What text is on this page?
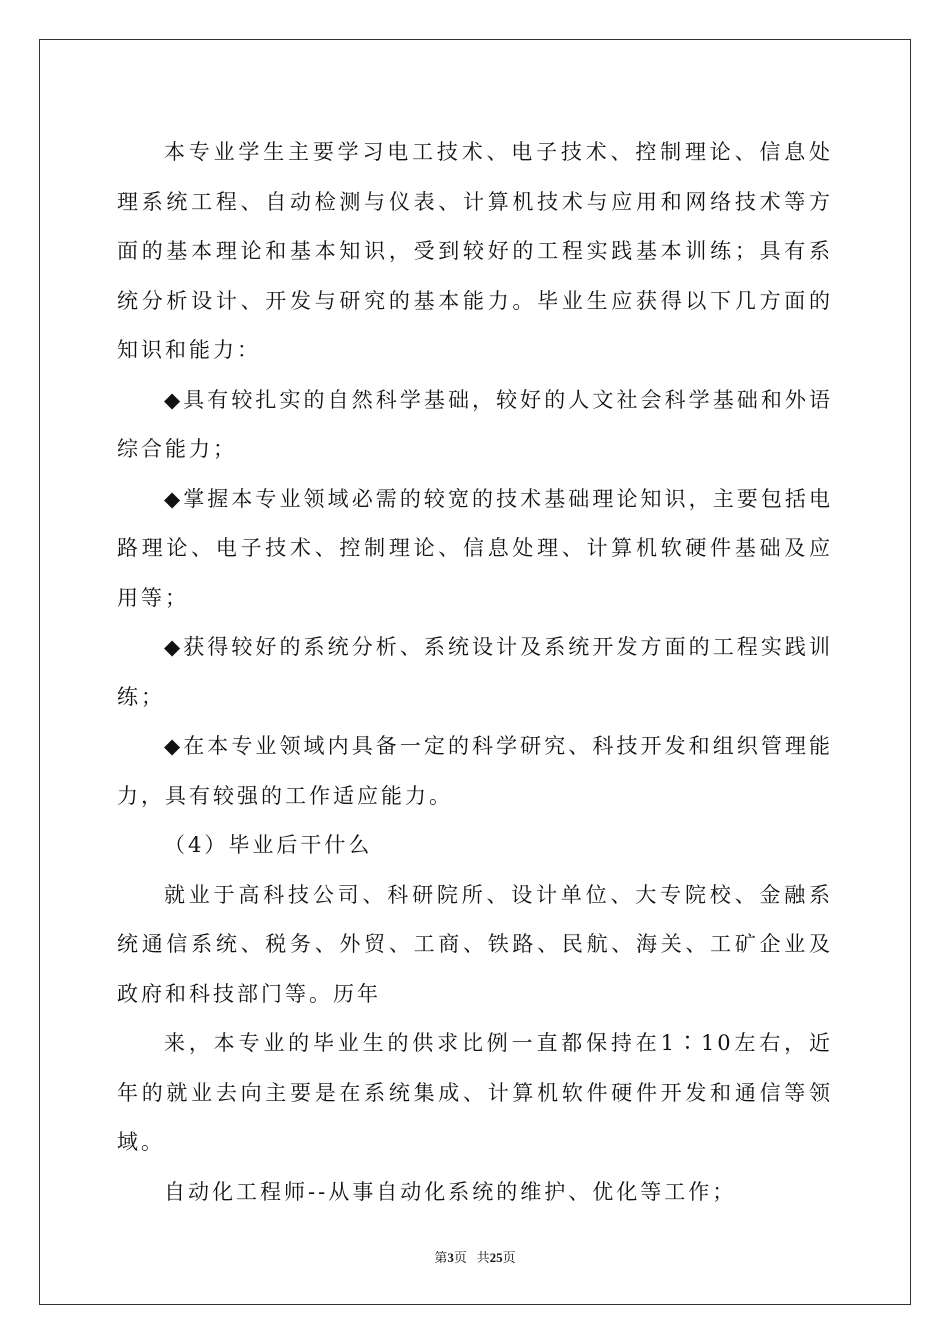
本专业学生主要学习电工技术、电子技术、控制理论、信息处理系统工程、自动检测与仪表、计算机技术与应用和网络技术等方面的基本理论和基本知识，受到较好的工程实践基本训练；具有系统分析设计、开发与研究的基本能力。毕业生应获得以下几方面的知识和能力：

◆具有较扎实的自然科学基础，较好的人文社会科学基础和外语综合能力；

◆掌握本专业领域必需的较宽的技术基础理论知识，主要包括电路理论、电子技术、控制理论、信息处理、计算机软硬件基础及应用等；

◆获得较好的系统分析、系统设计及系统开发方面的工程实践训练；

◆在本专业领域内具备一定的科学研究、科技开发和组织管理能力，具有较强的工作适应能力。

（4）毕业后干什么

就业于高科技公司、科研院所、设计单位、大专院校、金融系统通信系统、税务、外贸、工商、铁路、民航、海关、工矿企业及政府和科技部门等。历年

来，本专业的毕业生的供求比例一直都保持在1∶10左右，近年的就业去向主要是在系统集成、计算机软件硬件开发和通信等领域。

自动化工程师--从事自动化系统的维护、优化等工作；

第3页 共25页
